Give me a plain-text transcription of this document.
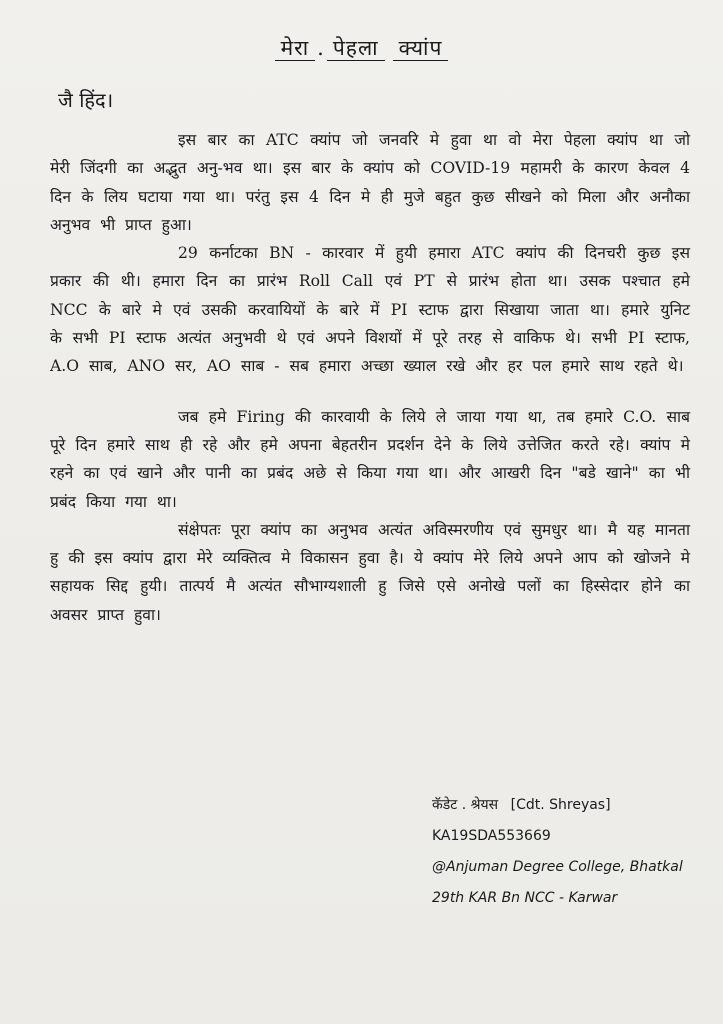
मेरा . पेहला क्यांप
जै हिंद।

इस बार का ATC क्यांप जो जनवरि मे हुवा था वो मेरा पेहला क्यांप था जो मेरी जिंदगी का अद्भुत अनु-भव था। इस बार के क्यांप को COVID-19 महामरी के कारण केवल 4 दिन के लिय घटाया गया था। परंतु इस 4 दिन मे ही मुजे बहुत कुछ सीखने को मिला और अनौका अनुभव भी प्राप्त हुआ।

29 कर्नाटका BN - कारवार में हुयी हमारा ATC क्यांप की दिनचरी कुछ इस प्रकार की थी। हमारा दिन का प्रारंभ Roll Call एवं PT से प्रारंभ होता था। उसक पश्चात हमे NCC के बारे मे एवं उसकी करवायियों के बारे में PI स्टाफ द्वारा सिखाया जाता था। हमारे युनिट के सभी PI स्टाफ अत्यंत अनुभवी थे एवं अपने विशयों में पूरे तरह से वाकिफ थे। सभी PI स्टाफ, A.O साब, ANO सर, AO साब - सब हमारा अच्छा ख्याल रखे और हर पल हमारे साथ रहते थे।

जब हमे Firing की कारवायी के लिये ले जाया गया था, तब हमारे C.O. साब पूरे दिन हमारे साथ ही रहे और हमे अपना बेहतरीन प्रदर्शन देने के लिये उत्तेजित करते रहे। क्यांप मे रहने का एवं खाने और पानी का प्रबंद अछे से किया गया था। और आखरी दिन "बडे खाने" का भी प्रबंद किया गया था।

संक्षेपतः पूरा क्यांप का अनुभव अत्यंत अविस्मरणीय एवं सुमधुर था। मै यह मानता हु की इस क्यांप द्वारा मेरे व्यक्तित्व मे विकासन हुवा है। ये क्यांप मेरे लिये अपने आप को खोजने मे सहायक सिद्द हुयी। तात्पर्य मै अत्यंत सौभाग्यशाली हु जिसे एसे अनोखे पलों का हिस्सेदार होने का अवसर प्राप्त हुवा।

कॅडेट . श्रेयस [Cdt. Shreyas]
KA19SDA553669
@Anjuman Degree College, Bhatkal
29th KAR Bn NCC - Karwar
